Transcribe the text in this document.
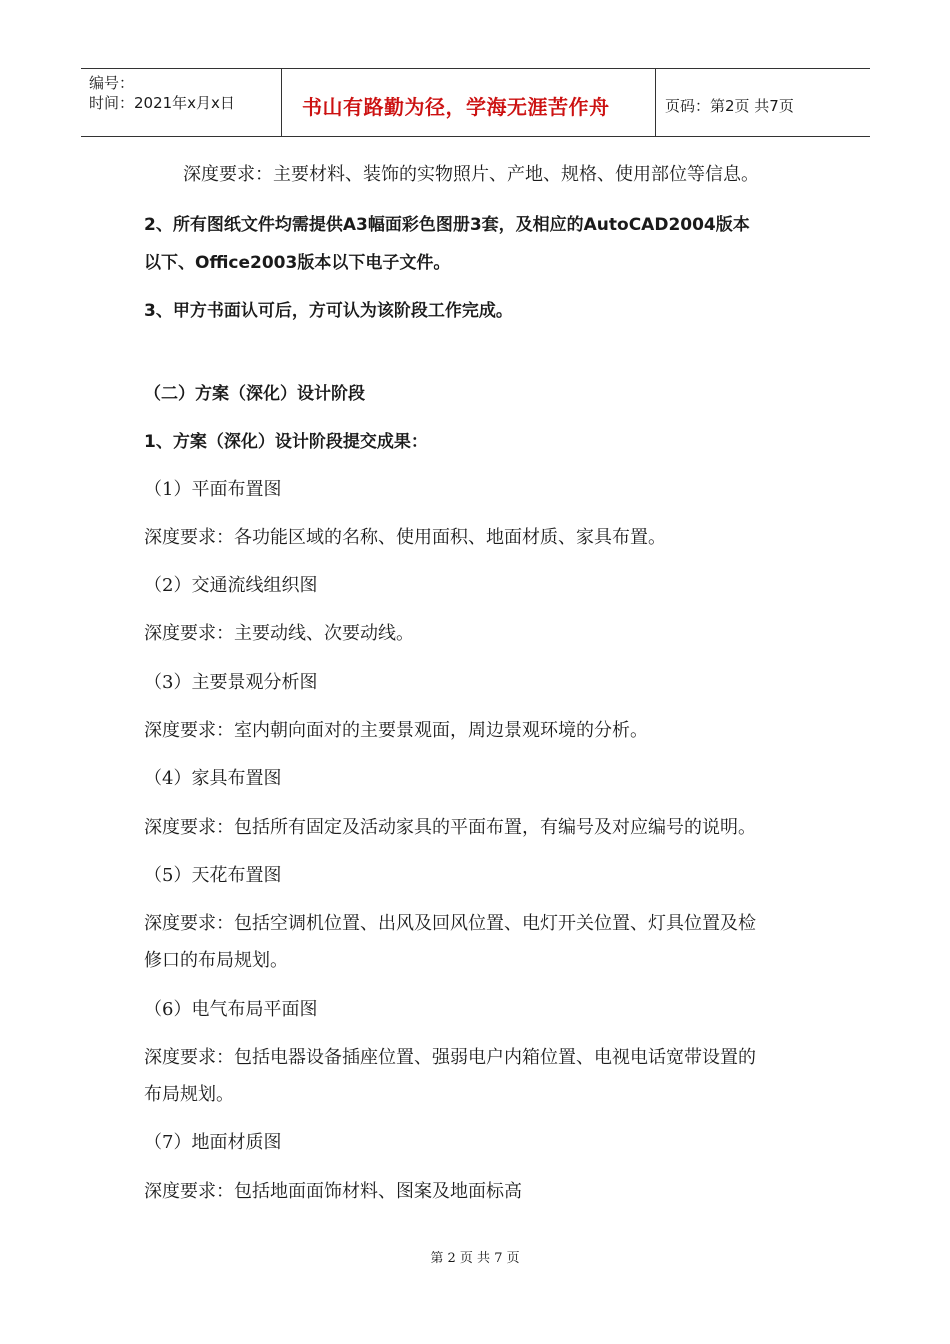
编号：
时间：2021年x月x日	书山有路勤为径，学海无涯苦作舟	页码：第2页 共7页
深度要求：主要材料、装饰的实物照片、产地、规格、使用部位等信息。
2、所有图纸文件均需提供A3幅面彩色图册3套，及相应的AutoCAD2004版本
以下、Office2003版本以下电子文件。
3、甲方书面认可后，方可认为该阶段工作完成。
（二）方案（深化）设计阶段
1、方案（深化）设计阶段提交成果：
（1）平面布置图
深度要求：各功能区域的名称、使用面积、地面材质、家具布置。
（2）交通流线组织图
深度要求：主要动线、次要动线。
（3）主要景观分析图
深度要求：室内朝向面对的主要景观面，周边景观环境的分析。
（4）家具布置图
深度要求：包括所有固定及活动家具的平面布置，有编号及对应编号的说明。
（5）天花布置图
深度要求：包括空调机位置、出风及回风位置、电灯开关位置、灯具位置及检
修口的布局规划。
（6）电气布局平面图
深度要求：包括电器设备插座位置、强弱电户内箱位置、电视电话宽带设置的
布局规划。
（7）地面材质图
深度要求：包括地面面饰材料、图案及地面标高
第 2 页 共 7 页
